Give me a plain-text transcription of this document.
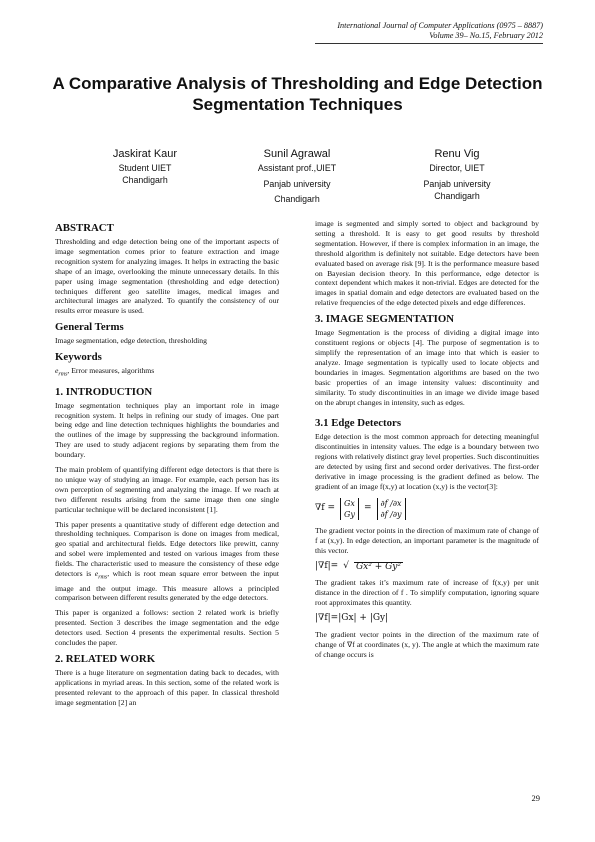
International Journal of Computer Applications (0975 – 8887)
Volume 39– No.15, February 2012
A Comparative Analysis of Thresholding and Edge Detection Segmentation Techniques
Jaskirat Kaur
Student UIET
Chandigarh
Sunil Agrawal
Assistant prof.,UIET
Panjab university
Chandigarh
Renu Vig
Director, UIET
Panjab university
Chandigarh
ABSTRACT

Thresholding and edge detection being one of the important aspects of image segmentation comes prior to feature extraction and image recognition system for analyzing images. It helps in extracting the basic shape of an image, overlooking the minute unnecessary details. In this paper using image segmentation (thresholding and edge detection) techniques different geo satellite images, medical images and architectural images are analyzed. To quantify the consistency of our results error measure is used.

General Terms

Image segmentation, edge detection, thresholding

Keywords

$e_{rms}$, Error measures, algorithms

1. INTRODUCTION

Image segmentation techniques play an important role in image recognition system. It helps in refining our study of images. One part being edge and line detection techniques highlights the boundaries and the outlines of the image by suppressing the background information. They are used to study adjacent regions by separating them from the boundary.

The main problem of quantifying different edge detectors is that there is no unique way of studying an image. For example, each person has its own perception of segmenting and analyzing the image. If we reach at two different results arising from the same image then one single particular technique will be declared inconsistent [1].

This paper presents a quantitative study of different edge detection and thresholding techniques. Comparison is done on images from medical, geo spatial and architectural fields. Edge detectors like prewitt, canny and sobel were implemented and tested on various images from these fields. The characteristic used to measure the consistency of these edge detectors is $e_{rms}$, which is root mean square error between the input image and the output image. This measure allows a principled comparison between different results generated by the edge detectors.

This paper is organized a follows: section 2 related work is briefly presented. Section 3 describes the image segmentation and the edge detectors used. Section 4 presents the experimental results. Section 5 concludes the paper.

2. RELATED WORK

There is a huge literature on segmentation dating back to decades, with applications in myriad areas. In this section, some of the related work is presented relevant to the approach of this paper. In classical threshold image segmentation [2] an

image is segmented and simply sorted to object and background by setting a threshold. It is easy to get good results by threshold segmentation. However, if there is complex information in an image, the threshold algorithm is definitely not suitable. Edge detectors have been evaluated based on average risk [9]. It is the performance measure based on Bayesian decision theory. In this performance, edge detector is context dependent which makes it non-trivial. Edges are detected for the images in spatial domain and edge detectors are evaluated based on the relative frequencies of the edge detected pixels and edge differences.

3. IMAGE SEGMENTATION

Image Segmentation is the process of dividing a digital image into constituent regions or objects [4]. The purpose of segmentation is to simplify the representation of an image into that which is easier to analyze. Image segmentation is typically used to locate objects and boundaries in images. Segmentation algorithms are based on the two basic properties of an image intensity values: discontinuity and similarity. To study discontinuities in an image we divide image based on the abrupt changes in intensity, such as edges.

3.1 Edge Detectors

Edge detection is the most common approach for detecting meaningful discontinuities in intensity values. The edge is a boundary between two regions with relatively distinct gray level properties. Such discontinuities are detected by using first and second order derivatives. The first-order derivative in image processing is the gradient defined as below. The gradient of an image f(x,y) at location (x,y) is the vector[3]:

∇f = Gx
Gy
= ∂f /∂x
∂f /∂y

The gradient vector points in the direction of maximum rate of change of f at (x,y). In edge detection, an important parameter is the magnitude of this vector.

|∇f|= √ Gx² + Gy²

The gradient takes it’s maximum rate of increase of f(x,y) per unit distance in the direction of f . To simplify computation, ignoring square root approximates this quantity.

|∇f|=|Gx| + |Gy|

The gradient vector points in the direction of the maximum rate of change of ∇f at coordinates (x, y). The angle at which the maximum rate of change occurs is

29
